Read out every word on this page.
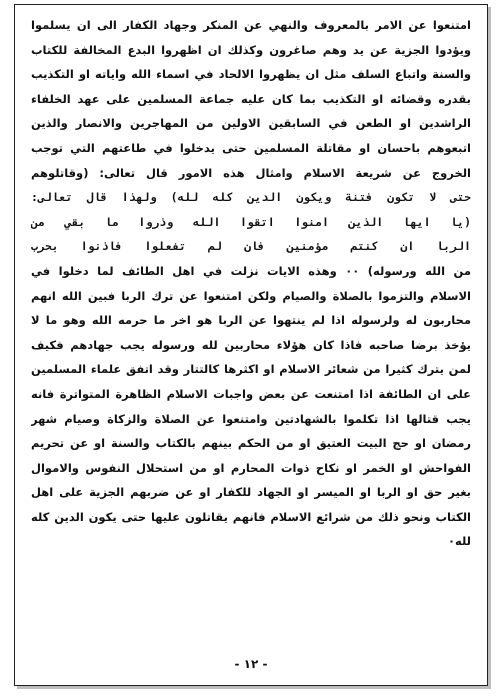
امتنعوا عن الامر بالمعروف والنهي عن المنكر وجهاد الكفار الى ان يسلموا
ويؤدوا الجزية عن يد وهم صاغرون وكذلك ان اظهروا البدع المخالفة للكتاب
والسنة واتباع السلف مثل ان يظهروا الالحاد في اسماء الله واياته او التكذيب
بقدره وقضائه او التكذيب بما كان عليه جماعة المسلمين على عهد الخلفاء
الراشدين او الطعن في السابقين الاولين من المهاجرين والانصار والذين
اتبعوهم باحسان او مقاتلة المسلمين حتى يدخلوا في طاعتهم التي توجب
الخروج عن شريعة الاسلام وامثال هذه الامور قال تعالى: (وقاتلوهم
حتى لا تكون فتنة ويكون الدين كله لله) ولهذا قال تعالى:
(يا ايها الذين امنوا اتقوا الله وذروا ما بقي من
الربا ان كنتم مؤمنين فان لم تفعلوا فاذنوا بحرب
من الله ورسوله) ٠٠ وهذه الايات نزلت في اهل الطائف لما دخلوا في
الاسلام والتزموا بالصلاة والصيام ولكن امتنعوا عن ترك الربا فبين الله انهم
محاربون له ولرسوله اذا لم ينتهوا عن الربا هو اخر ما حرمه الله وهو ما لا
يؤخذ برضا صاحبه فاذا كان هؤلاء محاربين لله ورسوله يجب جهادهم فكيف
لمن يترك كثيرا من شعائر الاسلام او اكثرها كالتتار وقد اتفق علماء المسلمين
على ان الطائفة اذا امتنعت عن بعض واجبات الاسلام الظاهرة المتواترة فانه
يجب قتالها اذا تكلموا بالشهادتين وامتنعوا عن الصلاة والزكاة وصيام شهر
رمضان او حج البيت العتيق او من الحكم بينهم بالكتاب والسنة او عن تحريم
الفواحش او الخمر او نكاح ذوات المحارم او من استحلال النفوس والاموال
بغير حق او الربا او الميسر او الجهاد للكفار او عن ضربهم الجزية على اهل
الكتاب ونحو ذلك من شرائع الاسلام فانهم يقاتلون عليها حتى يكون الدين كله
لله٠
- ١٢ -
